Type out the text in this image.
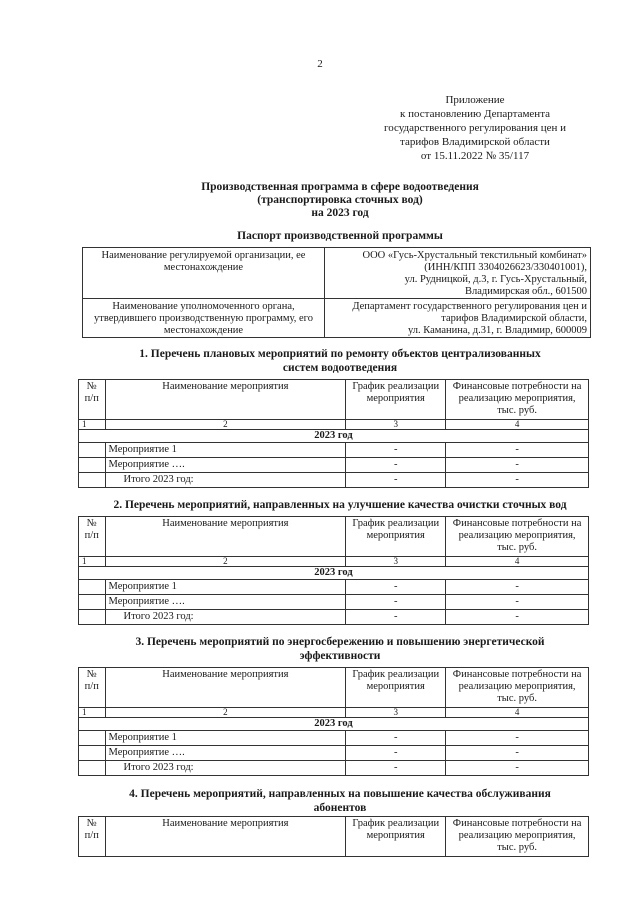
2
Приложение
к постановлению Департамента
государственного регулирования цен и
тарифов Владимирской области
от 15.11.2022 № 35/117
Производственная программа в сфере водоотведения
(транспортировка сточных вод)
на 2023 год
Паспорт производственной программы
Наименование регулируемой организации, ее местонахождение	ООО «Гусь-Хрустальный текстильный комбинат»
(ИНН/КПП 3304026623/330401001),
ул. Рудницкой, д.3, г. Гусь-Хрустальный,
Владимирская обл., 601500

Наименование уполномоченного органа, утвердившего производственную программу, его местонахождение	Департамент государственного регулирования цен и
тарифов Владимирской области,
ул. Каманина, д.31, г. Владимир, 600009
1. Перечень плановых мероприятий по ремонту объектов централизованных
систем водоотведения
№ п/п	Наименование мероприятия	График реализации мероприятия	Финансовые потребности на реализацию мероприятия, тыс. руб.
1	2	3	4
2023 год			
	Мероприятие 1	-	-
	Мероприятие ….	-	-
	Итого 2023 год:	-	-
2. Перечень мероприятий, направленных на улучшение качества очистки сточных вод
№ п/п	Наименование мероприятия	График реализации мероприятия	Финансовые потребности на реализацию мероприятия, тыс. руб.
1	2	3	4
2023 год			
	Мероприятие 1	-	-
	Мероприятие ….	-	-
	Итого 2023 год:	-	-
3. Перечень мероприятий по энергосбережению и повышению энергетической
эффективности
№ п/п	Наименование мероприятия	График реализации мероприятия	Финансовые потребности на реализацию мероприятия, тыс. руб.
1	2	3	4
2023 год			
	Мероприятие 1	-	-
	Мероприятие ….	-	-
	Итого 2023 год:	-	-
4. Перечень мероприятий, направленных на повышение качества обслуживания
абонентов
№ п/п	Наименование мероприятия	График реализации мероприятия	Финансовые потребности на реализацию мероприятия, тыс. руб.
